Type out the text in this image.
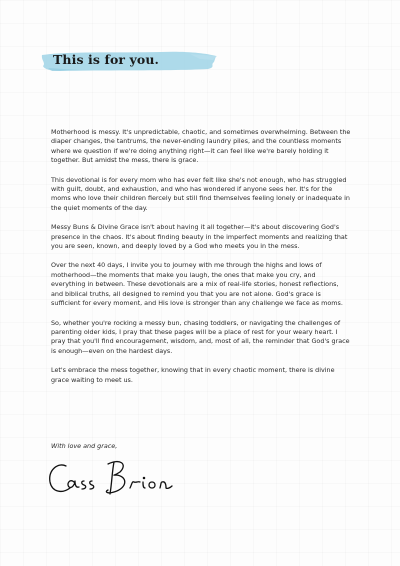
This is for you.

Motherhood is messy. It's unpredictable, chaotic, and sometimes overwhelming. Between the diaper changes, the tantrums, the never-ending laundry piles, and the countless moments where we question if we're doing anything right—it can feel like we're barely holding it together. But amidst the mess, there is grace.

This devotional is for every mom who has ever felt like she's not enough, who has struggled with guilt, doubt, and exhaustion, and who has wondered if anyone sees her. It's for the moms who love their children fiercely but still find themselves feeling lonely or inadequate in the quiet moments of the day.

Messy Buns & Divine Grace isn't about having it all together—it's about discovering God's presence in the chaos. It's about finding beauty in the imperfect moments and realizing that you are seen, known, and deeply loved by a God who meets you in the mess.

Over the next 40 days, I invite you to journey with me through the highs and lows of motherhood—the moments that make you laugh, the ones that make you cry, and everything in between. These devotionals are a mix of real-life stories, honest reflections, and biblical truths, all designed to remind you that you are not alone. God's grace is sufficient for every moment, and His love is stronger than any challenge we face as moms.

So, whether you're rocking a messy bun, chasing toddlers, or navigating the challenges of parenting older kids, I pray that these pages will be a place of rest for your weary heart. I pray that you'll find encouragement, wisdom, and, most of all, the reminder that God's grace is enough—even on the hardest days.

Let's embrace the mess together, knowing that in every chaotic moment, there is divine grace waiting to meet us.

With love and grace,
